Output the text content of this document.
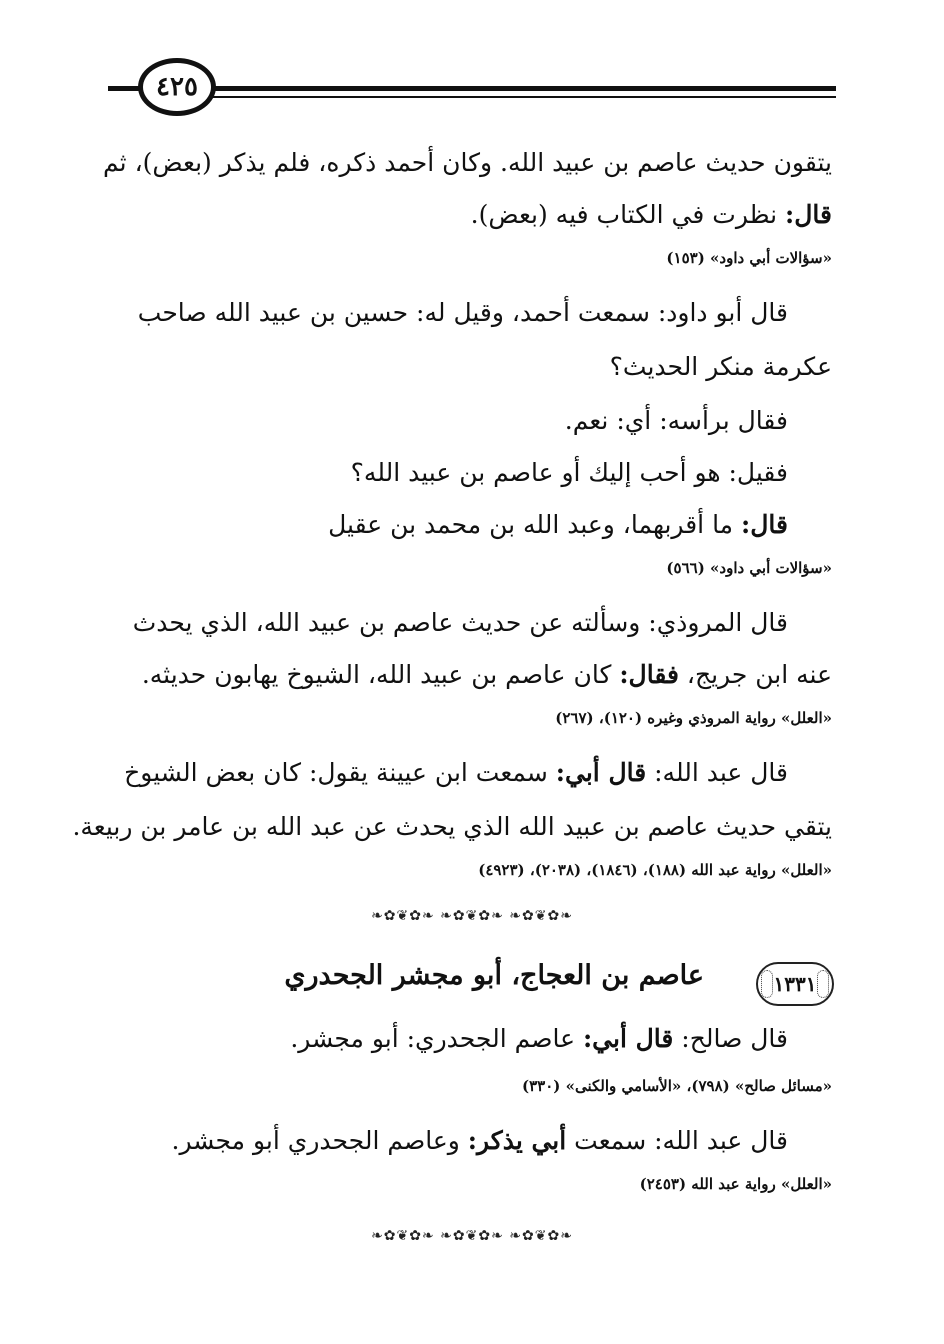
٤٢٥
يتقون حديث عاصم بن عبيد الله. وكان أحمد ذكره، فلم يذكر (بعض)، ثم
قال: نظرت في الكتاب فيه (بعض).
«سؤالات أبي داود» (١٥٣)
قال أبو داود: سمعت أحمد، وقيل له: حسين بن عبيد الله صاحب
عكرمة منكر الحديث؟
فقال برأسه: أي: نعم.
فقيل: هو أحب إليك أو عاصم بن عبيد الله؟
قال: ما أقربهما، وعبد الله بن محمد بن عقيل
«سؤالات أبي داود» (٥٦٦)
قال المروذي: وسألته عن حديث عاصم بن عبيد الله، الذي يحدث
عنه ابن جريج، فقال: كان عاصم بن عبيد الله، الشيوخ يهابون حديثه.
«العلل» رواية المروذي وغيره (١٢٠)، (٢٦٧)
قال عبد الله: قال أبي: سمعت ابن عيينة يقول: كان بعض الشيوخ
يتقي حديث عاصم بن عبيد الله الذي يحدث عن عبد الله بن عامر بن ربيعة.
«العلل» رواية عبد الله (١٨٨)، (١٨٤٦)، (٢٠٣٨)، (٤٩٢٣)
❧✿❦✿❧ ❧✿❦✿❧ ❧✿❦✿❧
١٣٣١
عاصم بن العجاج، أبو مجشر الجحدري
قال صالح: قال أبي: عاصم الجحدري: أبو مجشر.
«مسائل صالح» (٧٩٨)، «الأسامي والكنى» (٣٣٠)
قال عبد الله: سمعت أبي يذكر: وعاصم الجحدري أبو مجشر.
«العلل» رواية عبد الله (٢٤٥٣)
❧✿❦✿❧ ❧✿❦✿❧ ❧✿❦✿❧
